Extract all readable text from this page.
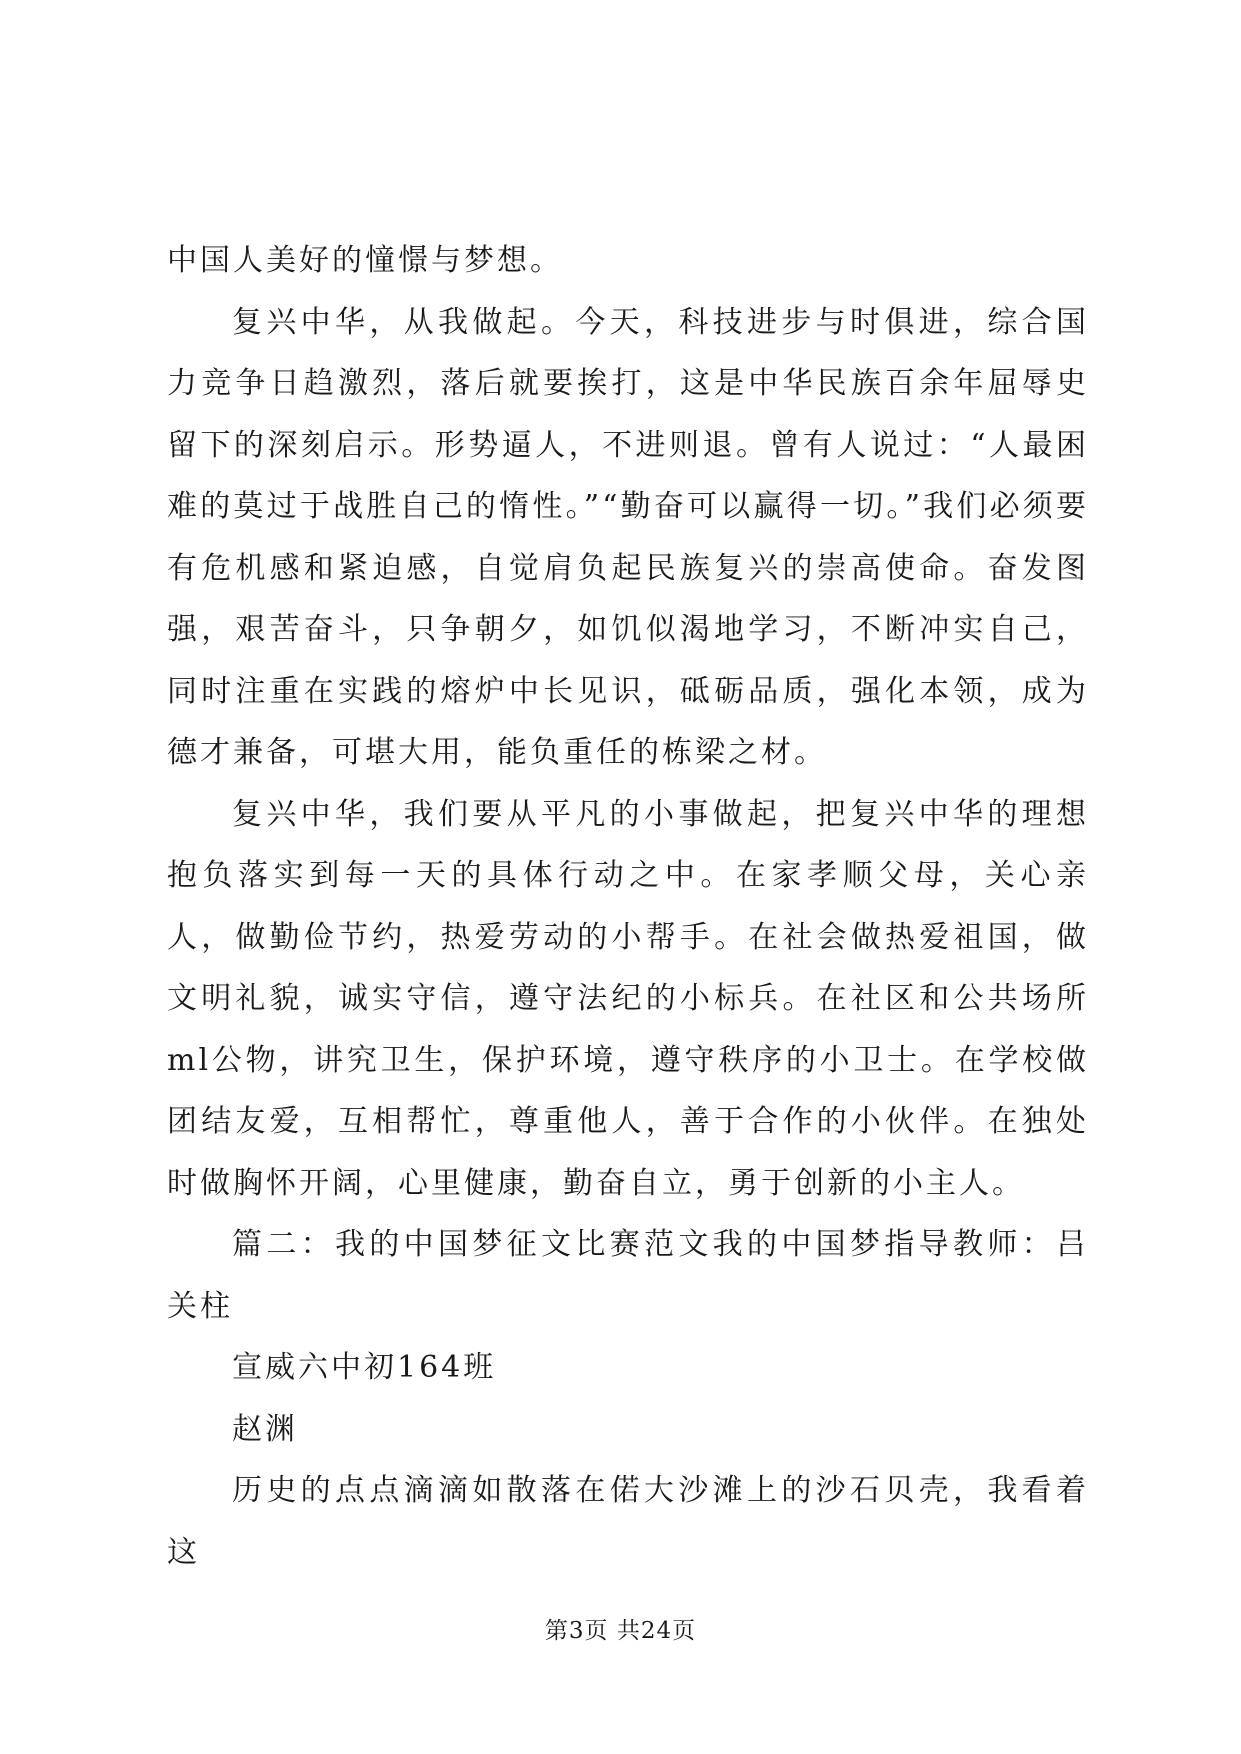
中国人美好的憧憬与梦想。

复兴中华，从我做起。今天，科技进步与时俱进，综合国力竞争日趋激烈，落后就要挨打，这是中华民族百余年屈辱史留下的深刻启示。形势逼人，不进则退。曾有人说过：“人最困难的莫过于战胜自己的惰性。”“勤奋可以赢得一切。”我们必须要有危机感和紧迫感，自觉肩负起民族复兴的崇高使命。奋发图强，艰苦奋斗，只争朝夕，如饥似渴地学习，不断冲实自己，同时注重在实践的熔炉中长见识，砥砺品质，强化本领，成为德才兼备，可堪大用，能负重任的栋梁之材。

复兴中华，我们要从平凡的小事做起，把复兴中华的理想抱负落实到每一天的具体行动之中。在家孝顺父母，关心亲人，做勤俭节约，热爱劳动的小帮手。在社会做热爱祖国，做文明礼貌，诚实守信，遵守法纪的小标兵。在社区和公共场所ml公物，讲究卫生，保护环境，遵守秩序的小卫士。在学校做团结友爱，互相帮忙，尊重他人，善于合作的小伙伴。在独处时做胸怀开阔，心里健康，勤奋自立，勇于创新的小主人。

篇二：我的中国梦征文比赛范文我的中国梦指导教师：吕关柱

宣威六中初164班

赵渊

历史的点点滴滴如散落在偌大沙滩上的沙石贝壳，我看着这

第3页 共24页
